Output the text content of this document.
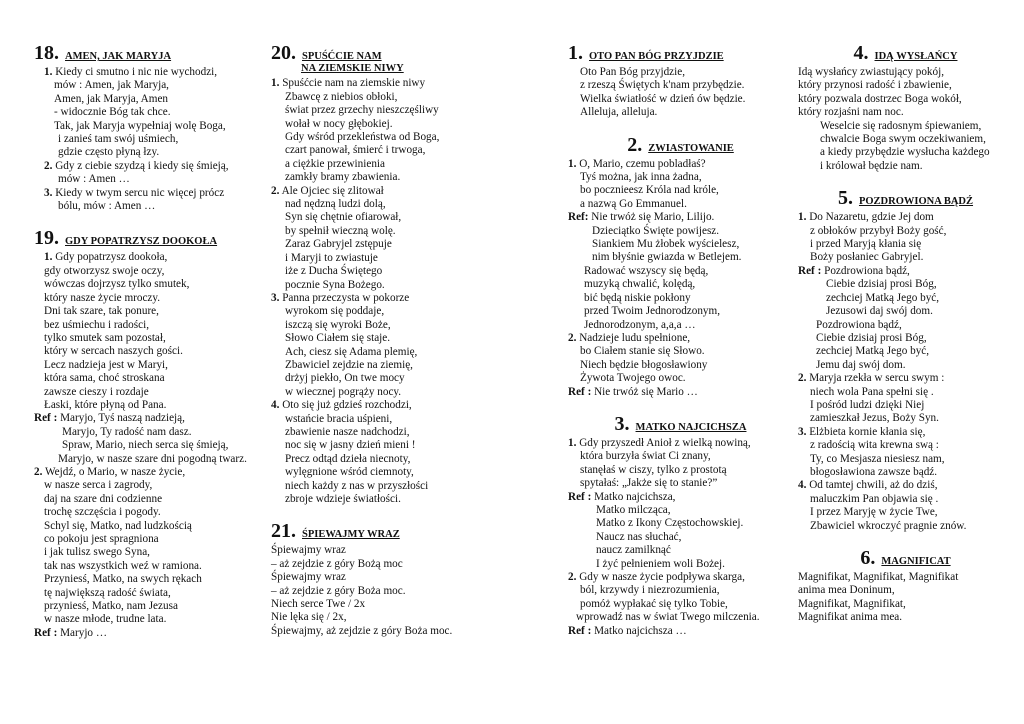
18. AMEN, JAK MARYJA
1. Kiedy ci smutno i nic nie wychodzi,
mów : Amen, jak Maryja,
Amen, jak Maryja, Amen
- widocznie Bóg tak chce.
Tak, jak Maryja wypełniaj wolę Boga,
i zanieś tam swój uśmiech,
gdzie często płyną łzy.
2. Gdy z ciebie szydzą i kiedy się śmieją,
mów : Amen …
3. Kiedy w twym sercu nic więcej prócz
bólu, mów : Amen …
19. GDY POPATRZYSZ DOOKOŁA
1. Gdy popatrzysz dookoła,
gdy otworzysz swoje oczy,
wówczas dojrzysz tylko smutek,
który nasze życie mroczy.
Dni tak szare, tak ponure,
bez uśmiechu i radości,
tylko smutek sam pozostał,
który w sercach naszych gości.
Lecz nadzieja jest w Maryi,
która sama, choć stroskana
zawsze cieszy i rozdaje
Łaski, które płyną od Pana.
Ref : Maryjo, Tyś naszą nadzieją,
Maryjo, Ty radość nam dasz.
Spraw, Mario, niech serca się śmieją,
Maryjo, w nasze szare dni pogodną twarz.
2. Wejdź, o Mario, w nasze życie,
w nasze serca i zagrody,
daj na szare dni codzienne
trochę szczęścia i pogody.
Schyl się, Matko, nad ludzkością
co pokoju jest spragniona
i jak tulisz swego Syna,
tak nas wszystkich weź w ramiona.
Przyniesś, Matko, na swych rękach
tę największą radość świata,
przyniesś, Matko, nam Jezusa
w nasze młode, trudne lata.
Ref : Maryjo …
20. SPUŚĆCIE NAM
NA ZIEMSKIE NIWY
1. Spuśćcie nam na ziemskie niwy
Zbawcę z niebios obłoki,
świat przez grzechy nieszczęśliwy
wołał w nocy głębokiej.
Gdy wśród przekleństwa od Boga,
czart panował, śmierć i trwoga,
a ciężkie przewinienia
zamkły bramy zbawienia.
2. Ale Ojciec się zlitował
nad nędzną ludzi dolą,
Syn się chętnie ofiarował,
by spełnił wieczną wolę.
Zaraz Gabryjel zstępuje
i Maryji to zwiastuje
iże z Ducha Świętego
pocznie Syna Bożego.
3. Panna przeczysta w pokorze
wyrokom się poddaje,
iszczą się wyroki Boże,
Słowo Ciałem się staje.
Ach, ciesz się Adama plemię,
Zbawiciel zejdzie na ziemię,
drżyj piekło, On twe mocy
w wiecznej pogrąży nocy.
4. Oto się już gdzieś rozchodzi,
wstańcie bracia uśpieni,
zbawienie nasze nadchodzi,
noc się w jasny dzień mieni !
Precz odtąd dzieła niecnoty,
wylęgnione wśród ciemnoty,
niech każdy z nas w przyszłości
zbroje wdzieje światłości.
21. ŚPIEWAJMY WRAZ
Śpiewajmy wraz
– aż zejdzie z góry Bożą moc
Śpiewajmy wraz
– aż zejdzie z góry Boża moc.
Niech serce Twe / 2x
Nie lęka się / 2x,
Śpiewajmy, aż zejdzie z góry Boża moc.
1. OTO PAN BÓG PRZYJDZIE
Oto Pan Bóg przyjdzie,
z rzeszą Świętych k'nam przybędzie.
Wielka światłość w dzień ów będzie.
Alleluja, alleluja.
2. ZWIASTOWANIE
1. O, Mario, czemu pobladłaś?
Tyś można, jak inna żadna,
bo pocznieesz Króla nad króle,
a nazwą Go Emmanuel.
Ref: Nie trwóż się Mario, Lilijo.
Dzieciątko Święte powijesz.
Siankiem Mu żłobek wyścielesz,
nim błyśnie gwiazda w Betlejem.
Radować wszyscy się będą,
muzyką chwalić, kolędą,
bić będą niskie pokłony
przed Twoim Jednorodzonym,
Jednorodzonym, a,a,a …
2. Nadzieje ludu spełnione,
bo Ciałem stanie się Słowo.
Niech będzie błogosławiony
Żywota Twojego owoc.
Ref : Nie trwóż się Mario …
3. MATKO NAJCICHSZA
1. Gdy przyszedł Anioł z wielką nowiną,
która burzyła świat Ci znany,
stanęłaś w ciszy, tylko z prostotą
spytałaś: „Jakże się to stanie?”
Ref : Matko najcichsza,
Matko milcząca,
Matko z Ikony Częstochowskiej.
Naucz nas słuchać,
naucz zamilknąć
I żyć pełnieniem woli Bożej.
2. Gdy w nasze życie podpływa skarga,
ból, krzywdy i niezrozumienia,
pomóż wypłakać się tylko Tobie,
wprowadź nas w świat Twego milczenia.
Ref : Matko najcichsza …
4. IDĄ WYSŁAŃCY
Idą wysłańcy zwiastujący pokój,
który przynosi radość i zbawienie,
który pozwala dostrzec Boga wokół,
który rozjaśni nam noc.
Weselcie się radosnym śpiewaniem,
chwalcie Boga swym oczekiwaniem,
a kiedy przybędzie wysłucha każdego
i królował będzie nam.
5. POZDROWIONA BĄDŹ
1. Do Nazaretu, gdzie Jej dom
z obłoków przybył Boży gość,
i przed Maryją kłania się
Boży posłaniec Gabryjel.
Ref : Pozdrowiona bądź,
Ciebie dzisiaj prosi Bóg,
zechciej Matką Jego być,
Jezusowi daj swój dom.
Pozdrowiona bądź,
Ciebie dzisiaj prosi Bóg,
zechciej Matką Jego być,
Jemu daj swój dom.
2. Maryja rzekła w sercu swym :
niech wola Pana spełni się .
I pośród ludzi dzięki Niej
zamieszkał Jezus, Boży Syn.
3. Elżbieta kornie kłania się,
z radością wita krewna swą :
Ty, co Mesjasza niesiesz nam,
błogosławiona zawsze bądź.
4. Od tamtej chwili, aż do dziś,
maluczkim Pan objawia się .
I przez Maryję w życie Twe,
Zbawiciel wkroczyć pragnie znów.
6. MAGNIFICAT
Magnifikat, Magnifikat, Magnifikat
anima mea Doninum,
Magnifikat, Magnifikat,
Magnifikat anima mea.
